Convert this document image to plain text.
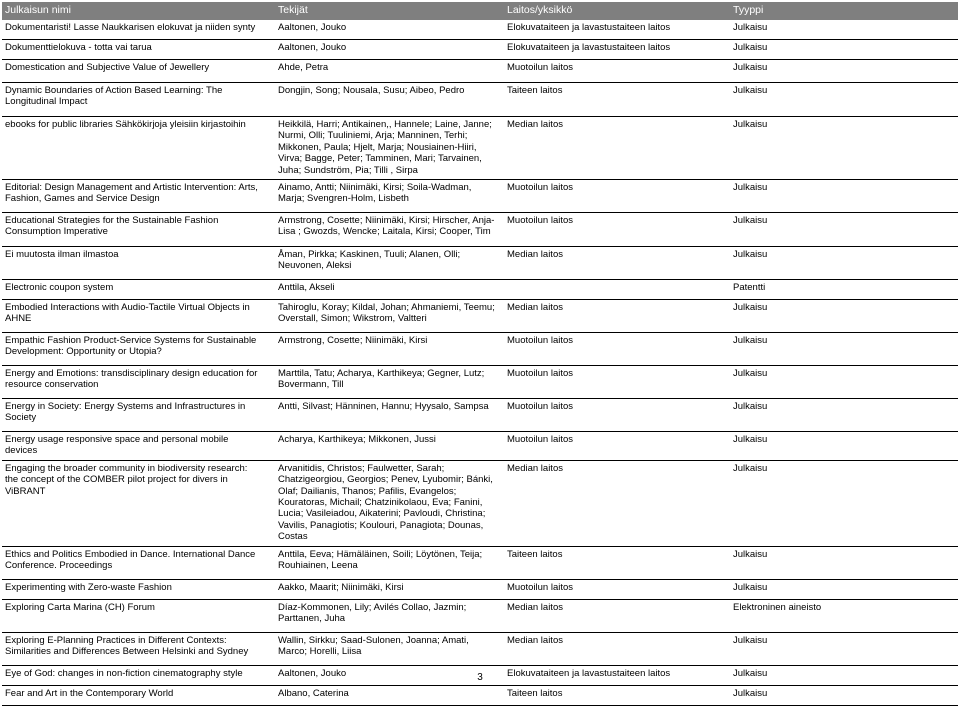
Julkaisun nimi	Tekijät	Laitos/yksikkö	Tyyppi
Dokumentaristi! Lasse Naukkarisen elokuvat ja niiden synty	Aaltonen, Jouko	Elokuvataiteen ja lavastustaiteen laitos	Julkaisu
Dokumenttielokuva - totta vai tarua	Aaltonen, Jouko	Elokuvataiteen ja lavastustaiteen laitos	Julkaisu
Domestication and Subjective Value of Jewellery	Ahde, Petra	Muotoilun laitos	Julkaisu
Dynamic Boundaries of Action Based Learning: The Longitudinal Impact	Dongjin, Song; Nousala, Susu; Aibeo, Pedro	Taiteen laitos	Julkaisu
ebooks for public libraries Sähkökirjoja yleisiin kirjastoihin	Heikkilä, Harri; Antikainen,, Hannele; Laine, Janne; Nurmi, Olli; Tuuliniemi, Arja; Manninen, Terhi; Mikkonen, Paula; Hjelt, Marja; Nousiainen-Hiiri, Virva; Bagge, Peter; Tamminen, Mari; Tarvainen, Juha; Sundström, Pia; Tilli , Sirpa	Median laitos	Julkaisu
Editorial: Design Management and Artistic Intervention: Arts, Fashion, Games and Service Design	Ainamo, Antti; Niinimäki, Kirsi; Soila-Wadman, Marja; Svengren-Holm, Lisbeth	Muotoilun laitos	Julkaisu
Educational Strategies for the Sustainable Fashion Consumption Imperative	Armstrong, Cosette; Niinimäki, Kirsi; Hirscher, Anja-Lisa ; Gwozds, Wencke; Laitala, Kirsi; Cooper, Tim	Muotoilun laitos	Julkaisu
Ei muutosta ilman ilmastoa	Åman, Pirkka; Kaskinen, Tuuli; Alanen, Olli; Neuvonen, Aleksi	Median laitos	Julkaisu
Electronic coupon system	Anttila, Akseli		Patentti
Embodied Interactions with Audio-Tactile Virtual Objects in AHNE	Tahiroglu, Koray; Kildal, Johan; Ahmaniemi, Teemu; Overstall, Simon; Wikstrom, Valtteri	Median laitos	Julkaisu
Empathic Fashion Product-Service Systems for Sustainable Development: Opportunity or Utopia?	Armstrong, Cosette; Niinimäki, Kirsi	Muotoilun laitos	Julkaisu
Energy and Emotions: transdisciplinary design education for resource conservation	Marttila, Tatu; Acharya, Karthikeya; Gegner, Lutz; Bovermann, Till	Muotoilun laitos	Julkaisu
Energy in Society: Energy Systems and Infrastructures in Society	Antti, Silvast; Hänninen, Hannu; Hyysalo, Sampsa	Muotoilun laitos	Julkaisu
Energy usage responsive space and personal mobile devices	Acharya, Karthikeya; Mikkonen, Jussi	Muotoilun laitos	Julkaisu
Engaging the broader community in biodiversity research: the concept of the COMBER pilot project for divers in ViBRANT	Arvanitidis, Christos; Faulwetter, Sarah; Chatzigeorgiou, Georgios; Penev, Lyubomir; Bánki, Olaf; Dailianis, Thanos; Pafilis, Evangelos; Kouratoras, Michail; Chatzinikolaou, Eva; Fanini, Lucia; Vasileiadou, Aikaterini; Pavloudi, Christina; Vavilis, Panagiotis; Koulouri, Panagiota; Dounas, Costas	Median laitos	Julkaisu
Ethics and Politics Embodied in Dance. International Dance Conference. Proceedings	Anttila, Eeva; Hämäläinen, Soili; Löytönen, Teija; Rouhiainen, Leena	Taiteen laitos	Julkaisu
Experimenting with Zero-waste Fashion	Aakko, Maarit; Niinimäki, Kirsi	Muotoilun laitos	Julkaisu
Exploring Carta Marina (CH) Forum	Díaz-Kommonen, Lily; Avilés Collao, Jazmin; Parttanen, Juha	Median laitos	Elektroninen aineisto
Exploring E-Planning Practices in Different Contexts: Similarities and Differences Between Helsinki and Sydney	Wallin, Sirkku; Saad-Sulonen, Joanna; Amati, Marco; Horelli, Liisa	Median laitos	Julkaisu
Eye of God: changes in non-fiction cinematography style	Aaltonen, Jouko	Elokuvataiteen ja lavastustaiteen laitos	Julkaisu
Fear and Art in the Contemporary World	Albano, Caterina	Taiteen laitos	Julkaisu
3
